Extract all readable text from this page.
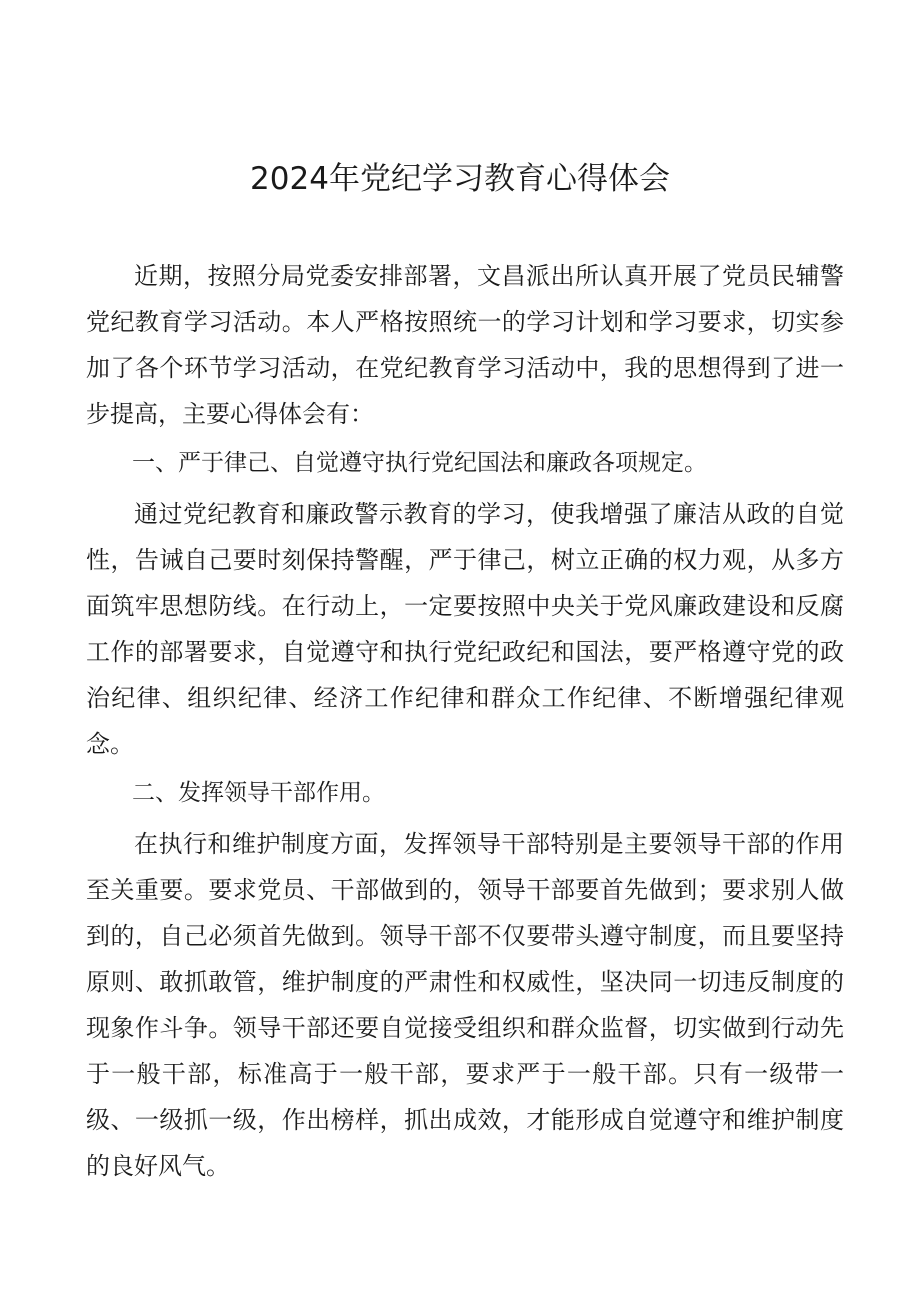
2024年党纪学习教育心得体会

近期，按照分局党委安排部署，文昌派出所认真开展了党员民辅警党纪教育学习活动。本人严格按照统一的学习计划和学习要求，切实参加了各个环节学习活动，在党纪教育学习活动中，我的思想得到了进一步提高，主要心得体会有：

一、严于律己、自觉遵守执行党纪国法和廉政各项规定。

通过党纪教育和廉政警示教育的学习，使我增强了廉洁从政的自觉性，告诫自己要时刻保持警醒，严于律己，树立正确的权力观，从多方面筑牢思想防线。在行动上，一定要按照中央关于党风廉政建设和反腐工作的部署要求，自觉遵守和执行党纪政纪和国法，要严格遵守党的政治纪律、组织纪律、经济工作纪律和群众工作纪律、不断增强纪律观念。

二、发挥领导干部作用。

在执行和维护制度方面，发挥领导干部特别是主要领导干部的作用至关重要。要求党员、干部做到的，领导干部要首先做到；要求别人做到的，自己必须首先做到。领导干部不仅要带头遵守制度，而且要坚持原则、敢抓敢管，维护制度的严肃性和权威性，坚决同一切违反制度的现象作斗争。领导干部还要自觉接受组织和群众监督，切实做到行动先于一般干部，标准高于一般干部，要求严于一般干部。只有一级带一级、一级抓一级，作出榜样，抓出成效，才能形成自觉遵守和维护制度的良好风气。
